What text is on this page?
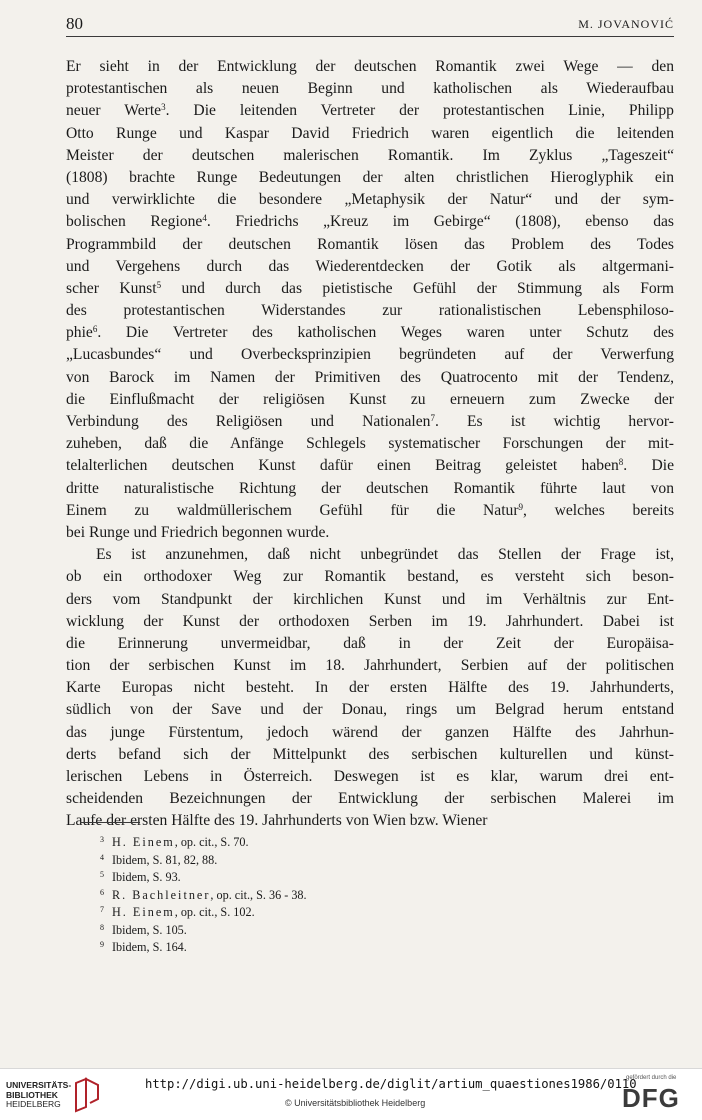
80	M. JOVANOVIĆ
Er sieht in der Entwicklung der deutschen Romantik zwei Wege — den
protestantischen als neuen Beginn und katholischen als Wiederaufbau
neuer Werte$^3$. Die leitenden Vertreter der protestantischen Linie, Philipp
Otto Runge und Kaspar David Friedrich waren eigentlich die leitenden
Meister der deutschen malerischen Romantik. Im Zyklus „Tageszeit“
(1808) brachte Runge Bedeutungen der alten christlichen Hieroglyphik ein
und verwirklichte die besondere „Metaphysik der Natur“ und der sym-
bolischen Regione$^4$. Friedrichs „Kreuz im Gebirge“ (1808), ebenso das
Programmbild der deutschen Romantik lösen das Problem des Todes
und Vergehens durch das Wiederentdecken der Gotik als altgermani-
scher Kunst$^5$ und durch das pietistische Gefühl der Stimmung als Form
des protestantischen Widerstandes zur rationalistischen Lebensphiloso-
phie$^6$. Die Vertreter des katholischen Weges waren unter Schutz des
„Lucasbundes“ und Overbecksprinzipien begründeten auf der Verwerfung
von Barock im Namen der Primitiven des Quatrocento mit der Tendenz,
die Einflußmacht der religiösen Kunst zu erneuern zum Zwecke der
Verbindung des Religiösen und Nationalen$^7$. Es ist wichtig hervor-
zuheben, daß die Anfänge Schlegels systematischer Forschungen der mit-
telalterlichen deutschen Kunst dafür einen Beitrag geleistet haben$^8$. Die
dritte naturalistische Richtung der deutschen Romantik führte laut von
Einem zu waldmüllerischem Gefühl für die Natur$^9$, welches bereits
bei Runge und Friedrich begonnen wurde.
Es ist anzunehmen, daß nicht unbegründet das Stellen der Frage ist,
ob ein orthodoxer Weg zur Romantik bestand, es versteht sich beson-
ders vom Standpunkt der kirchlichen Kunst und im Verhältnis zur Ent-
wicklung der Kunst der orthodoxen Serben im 19. Jahrhundert. Dabei ist
die Erinnerung unvermeidbar, daß in der Zeit der Europäisa-
tion der serbischen Kunst im 18. Jahrhundert, Serbien auf der politischen
Karte Europas nicht besteht. In der ersten Hälfte des 19. Jahrhunderts,
südlich von der Save und der Donau, rings um Belgrad herum entstand
das junge Fürstentum, jedoch wärend der ganzen Hälfte des Jahrhun-
derts befand sich der Mittelpunkt des serbischen kulturellen und künst-
lerischen Lebens in Österreich. Deswegen ist es klar, warum drei ent-
scheidenden Bezeichnungen der Entwicklung der serbischen Malerei im
Laufe der ersten Hälfte des 19. Jahrhunderts von Wien bzw. Wiener
3 H. Einem, op. cit., S. 70.
4 Ibidem, S. 81, 82, 88.
5 Ibidem, S. 93.
6 R. Bachleitner, op. cit., S. 36 - 38.
7 H. Einem, op. cit., S. 102.
8 Ibidem, S. 105.
9 Ibidem, S. 164.
UNIVERSITÄTS-
BIBLIOTHEK
HEIDELBERG
http://digi.ub.uni-heidelberg.de/diglit/artium_quaestiones1986/0110
© Universitätsbibliothek Heidelberg
gefördert durch die
DFG
